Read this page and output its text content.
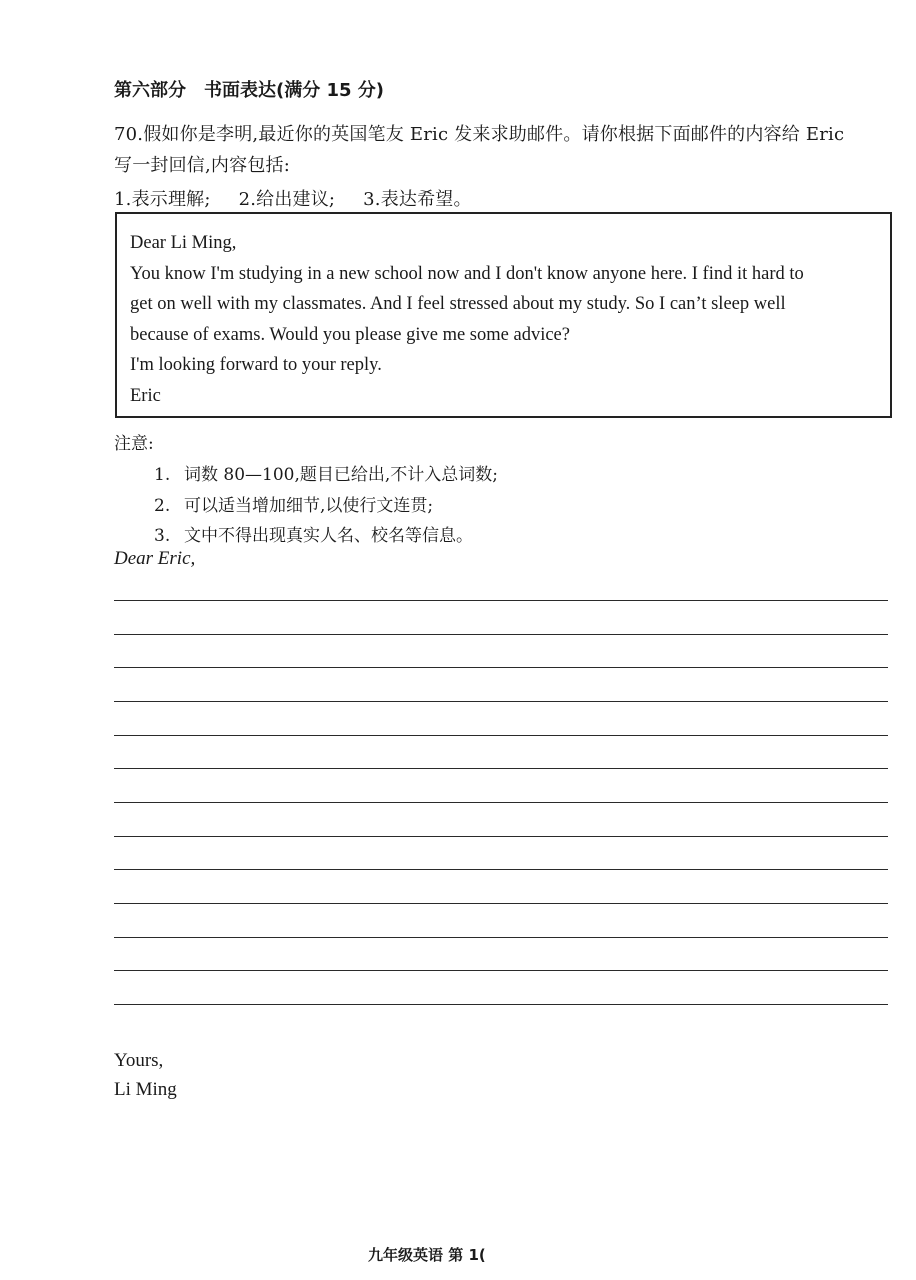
第六部分 书面表达(满分 15 分)
70.假如你是李明,最近你的英国笔友 Eric 发来求助邮件。请你根据下面邮件的内容给 Eric
写一封回信,内容包括:
1.表示理解; 2.给出建议; 3.表达希望。
Dear Li Ming,
You know I'm studying in a new school now and I don't know anyone here. I find it hard to
get on well with my classmates. And I feel stressed about my study. So I can’t sleep well
because of exams. Would you please give me some advice?
I'm looking forward to your reply.
Eric
注意:
1. 词数 80—100,题目已给出,不计入总词数;
2. 可以适当增加细节,以使行文连贯;
3. 文中不得出现真实人名、校名等信息。
Dear Eric,
Yours,
Li Ming
九年级英语 第 1(
